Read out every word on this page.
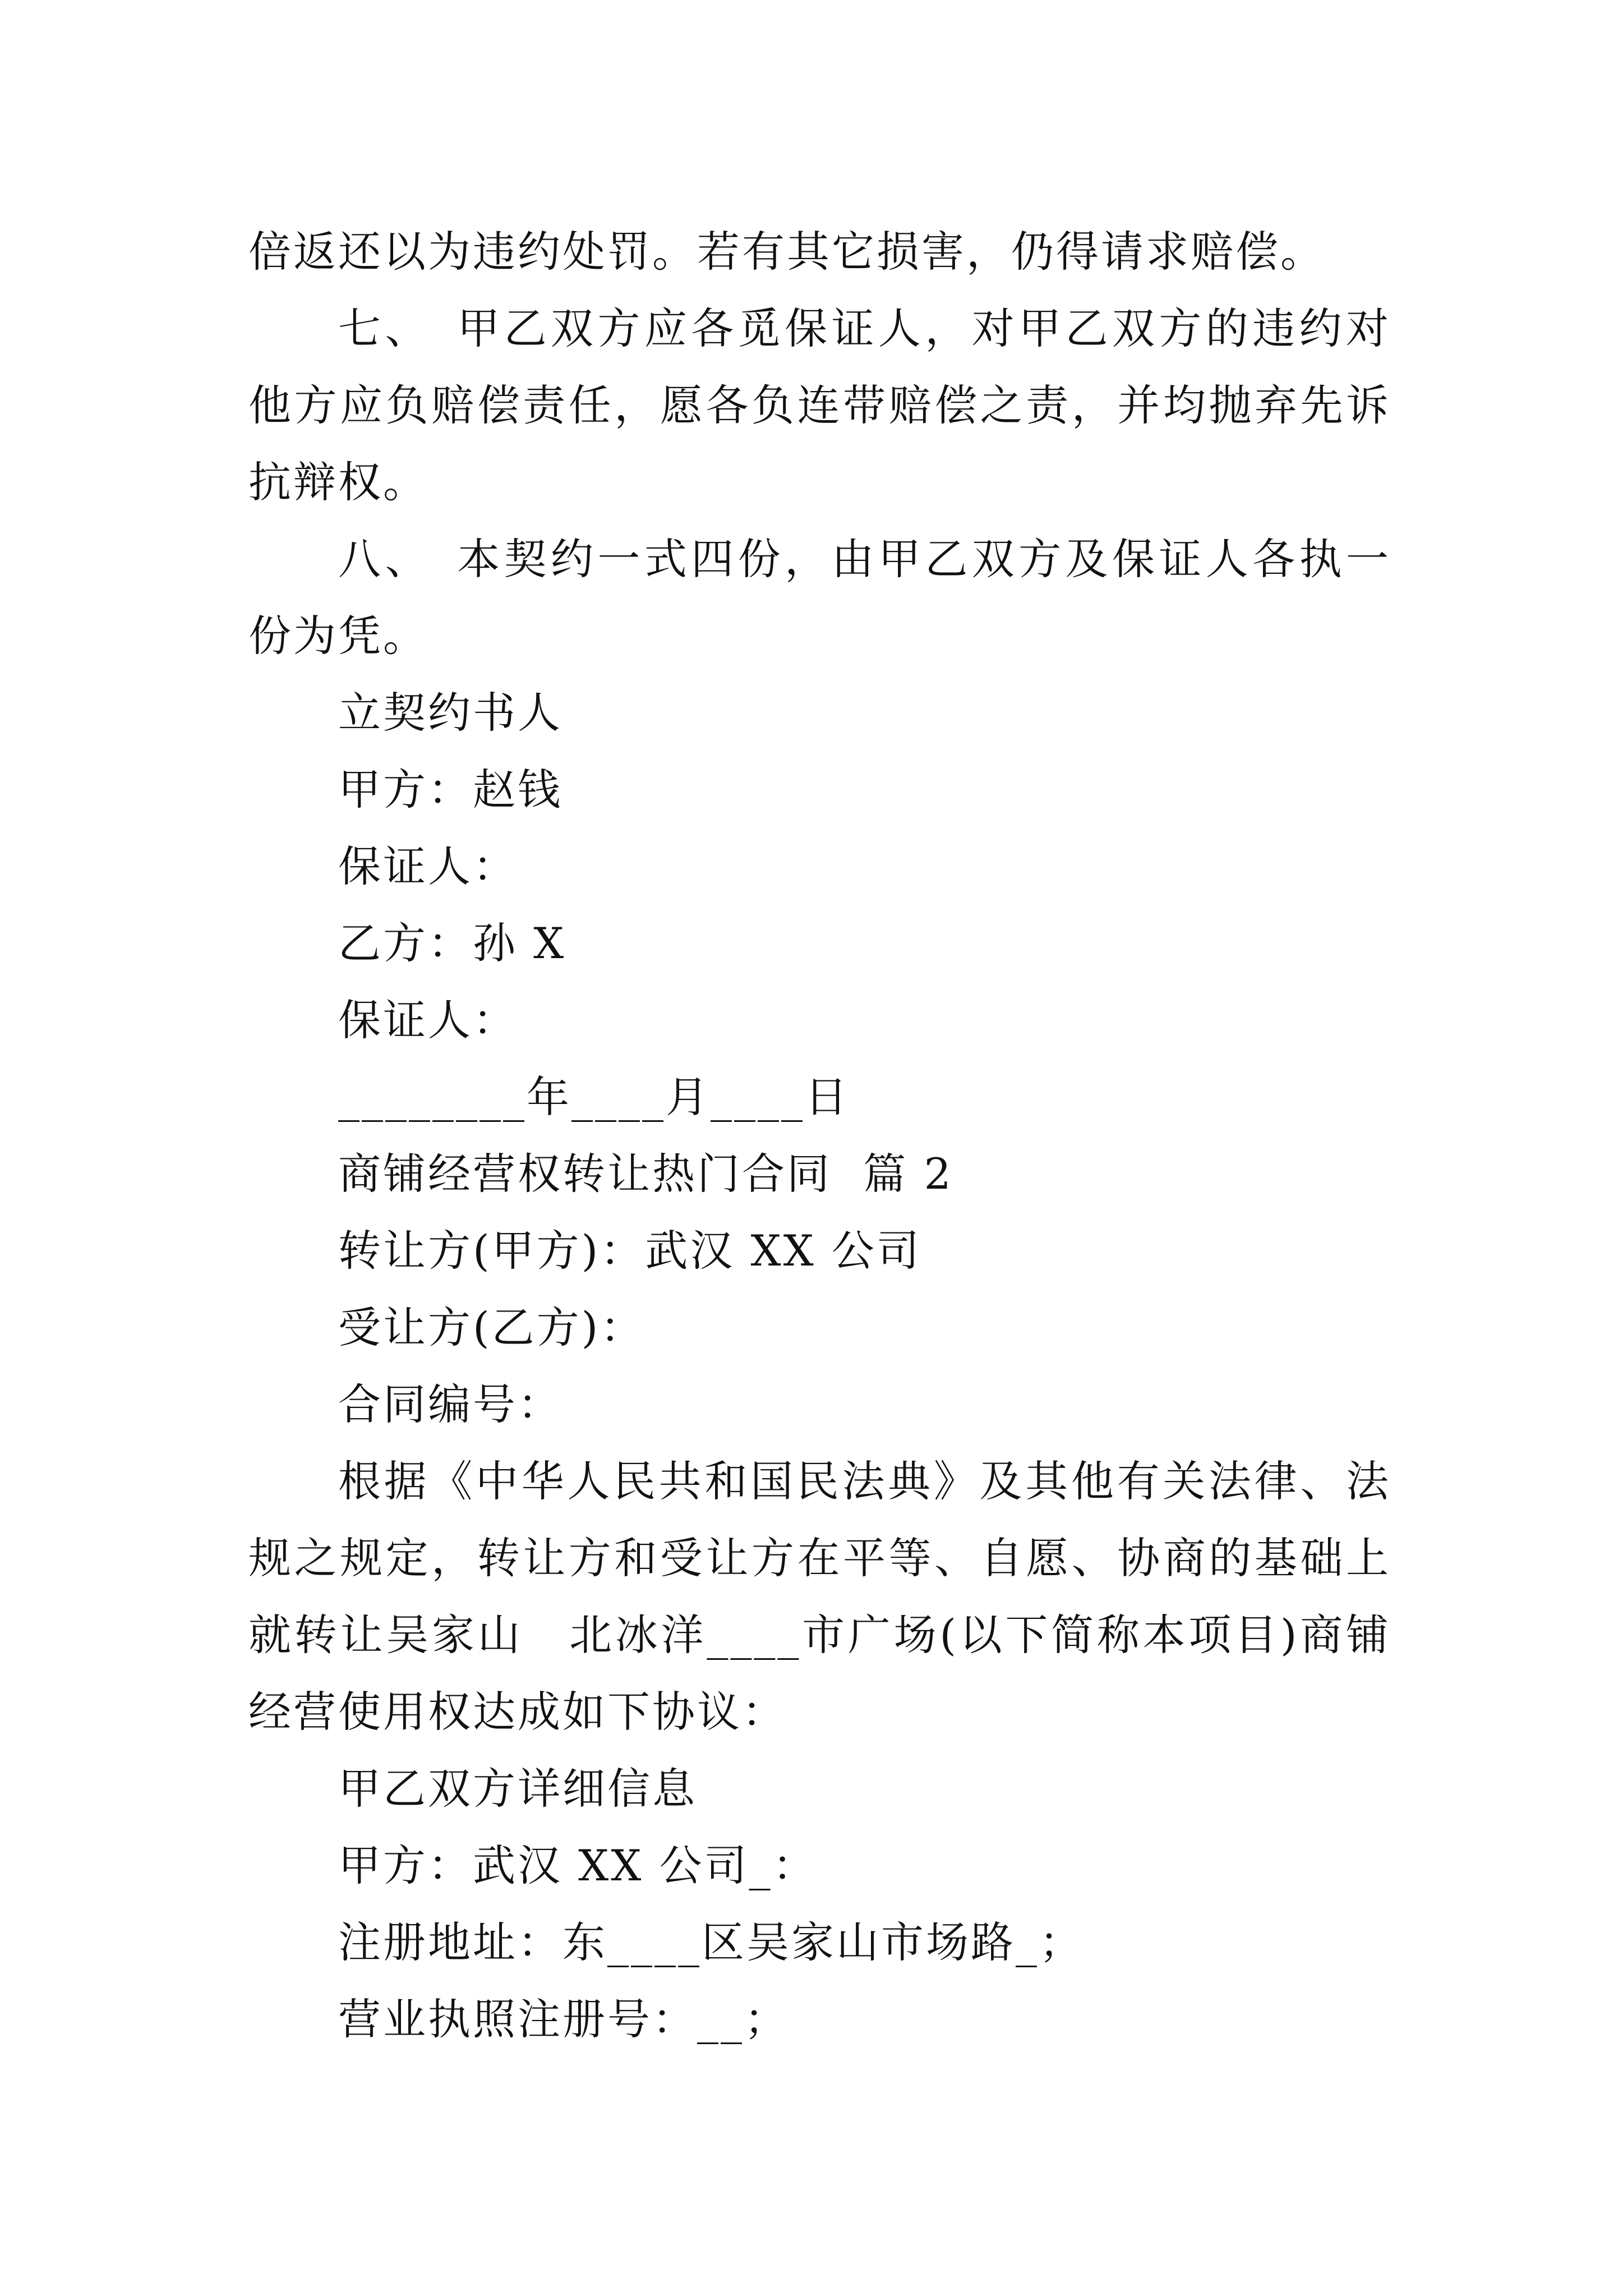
倍返还以为违约处罚。若有其它损害，仍得请求赔偿。

七、　甲乙双方应各觅保证人，对甲乙双方的违约对他方应负赔偿责任，愿各负连带赔偿之责，并均抛弃先诉抗辩权。

八、　本契约一式四份，由甲乙双方及保证人各执一份为凭。

立契约书人

甲方：赵钱

保证人：

乙方：孙 X

保证人：

________年____月____日

商铺经营权转让热门合同  篇 2

转让方(甲方)：武汉 XX 公司

受让方(乙方)：

合同编号：

根据《中华人民共和国民法典》及其他有关法律、法规之规定，转让方和受让方在平等、自愿、协商的基础上就转让吴家山　北冰洋____市广场(以下简称本项目)商铺经营使用权达成如下协议：

甲乙双方详细信息

甲方：武汉 XX 公司_：

注册地址：东____区吴家山市场路_；

营业执照注册号：__；
